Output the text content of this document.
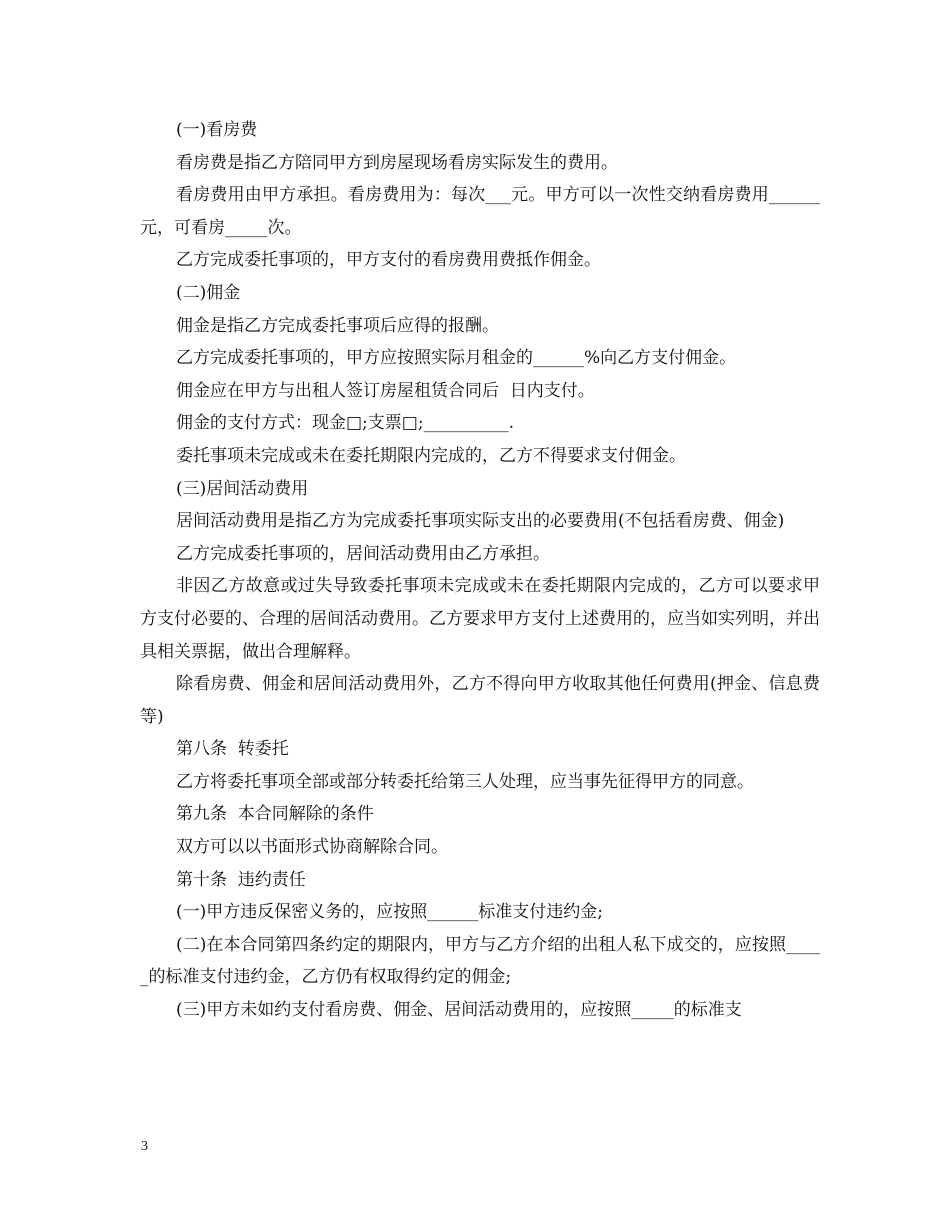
(一)看房费

看房费是指乙方陪同甲方到房屋现场看房实际发生的费用。

看房费用由甲方承担。看房费用为：每次___元。甲方可以一次性交纳看房费用______元，可看房_____次。

乙方完成委托事项的，甲方支付的看房费用费抵作佣金。

(二)佣金

佣金是指乙方完成委托事项后应得的报酬。

乙方完成委托事项的，甲方应按照实际月租金的______%向乙方支付佣金。

佣金应在甲方与出租人签订房屋租赁合同后  日内支付。

佣金的支付方式：现金□;支票□;__________.

委托事项未完成或未在委托期限内完成的，乙方不得要求支付佣金。

(三)居间活动费用

居间活动费用是指乙方为完成委托事项实际支出的必要费用(不包括看房费、佣金)

乙方完成委托事项的，居间活动费用由乙方承担。

非因乙方故意或过失导致委托事项未完成或未在委托期限内完成的，乙方可以要求甲方支付必要的、合理的居间活动费用。乙方要求甲方支付上述费用的，应当如实列明，并出具相关票据，做出合理解释。

除看房费、佣金和居间活动费用外，乙方不得向甲方收取其他任何费用(押金、信息费等)

第八条  转委托

乙方将委托事项全部或部分转委托给第三人处理，应当事先征得甲方的同意。

第九条  本合同解除的条件

双方可以以书面形式协商解除合同。

第十条  违约责任

(一)甲方违反保密义务的，应按照______标准支付违约金;

(二)在本合同第四条约定的期限内，甲方与乙方介绍的出租人私下成交的，应按照_____的标准支付违约金，乙方仍有权取得约定的佣金;

(三)甲方未如约支付看房费、佣金、居间活动费用的，应按照_____的标准支

3
